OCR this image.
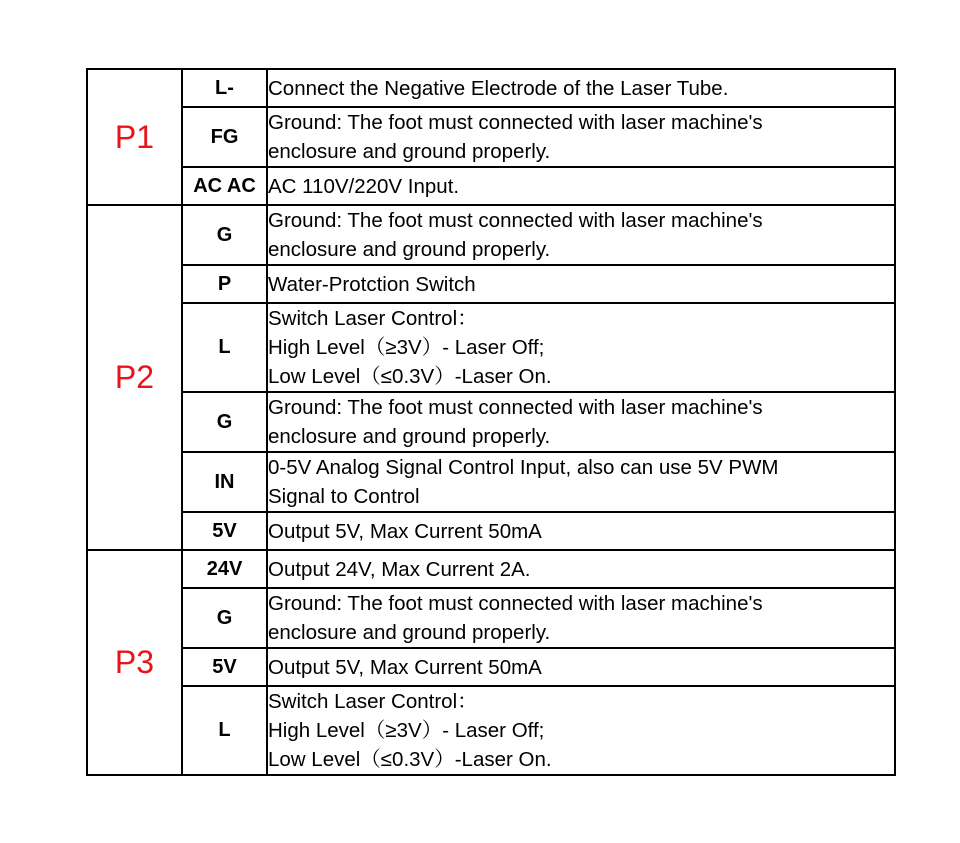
P1	L-	Connect the Negative Electrode of the Laser Tube.

	FG	Ground: The foot must connected with laser machine's
enclosure and ground properly.

	AC AC	AC 110V/220V Input.

P2	G	Ground: The foot must connected with laser machine's
enclosure and ground properly.

	P	Water-Protction Switch

	L	Switch Laser Control：
High Level（≥3V）- Laser Off;
Low Level（≤0.3V）-Laser On.

	G	Ground: The foot must connected with laser machine's
enclosure and ground properly.

	IN	0-5V Analog Signal Control Input, also can use 5V PWM
Signal to Control

	5V	Output 5V, Max Current 50mA

P3	24V	Output 24V, Max Current 2A.

	G	Ground: The foot must connected with laser machine's
enclosure and ground properly.

	5V	Output 5V, Max Current 50mA

	L	Switch Laser Control：
High Level（≥3V）- Laser Off;
Low Level（≤0.3V）-Laser On.
